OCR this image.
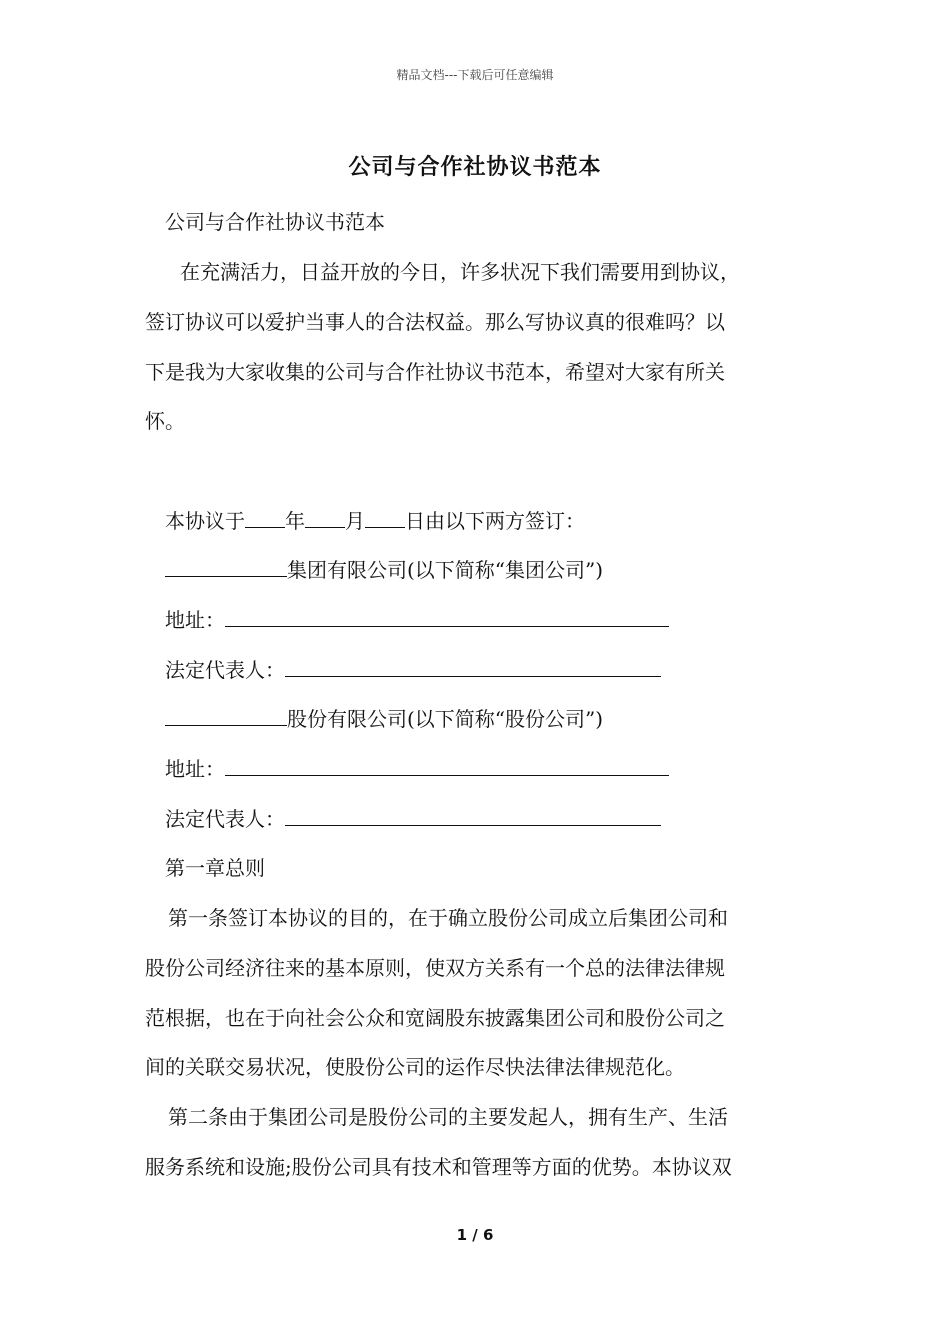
精品文档---下载后可任意编辑
公司与合作社协议书范本
公司与合作社协议书范本
在充满活力，日益开放的今日，许多状况下我们需要用到协议，
签订协议可以爱护当事人的合法权益。那么写协议真的很难吗？以
下是我为大家收集的公司与合作社协议书范本，希望对大家有所关
怀。
本协议于 年 月 日由以下两方签订：
集团有限公司(以下简称“集团公司”)
地址：
法定代表人：
股份有限公司(以下简称“股份公司”)
地址：
法定代表人：
第一章总则
第一条签订本协议的目的，在于确立股份公司成立后集团公司和
股份公司经济往来的基本原则，使双方关系有一个总的法律法律规
范根据，也在于向社会公众和宽阔股东披露集团公司和股份公司之
间的关联交易状况，使股份公司的运作尽快法律法律规范化。
第二条由于集团公司是股份公司的主要发起人，拥有生产、生活
服务系统和设施;股份公司具有技术和管理等方面的优势。本协议双
1 / 6
